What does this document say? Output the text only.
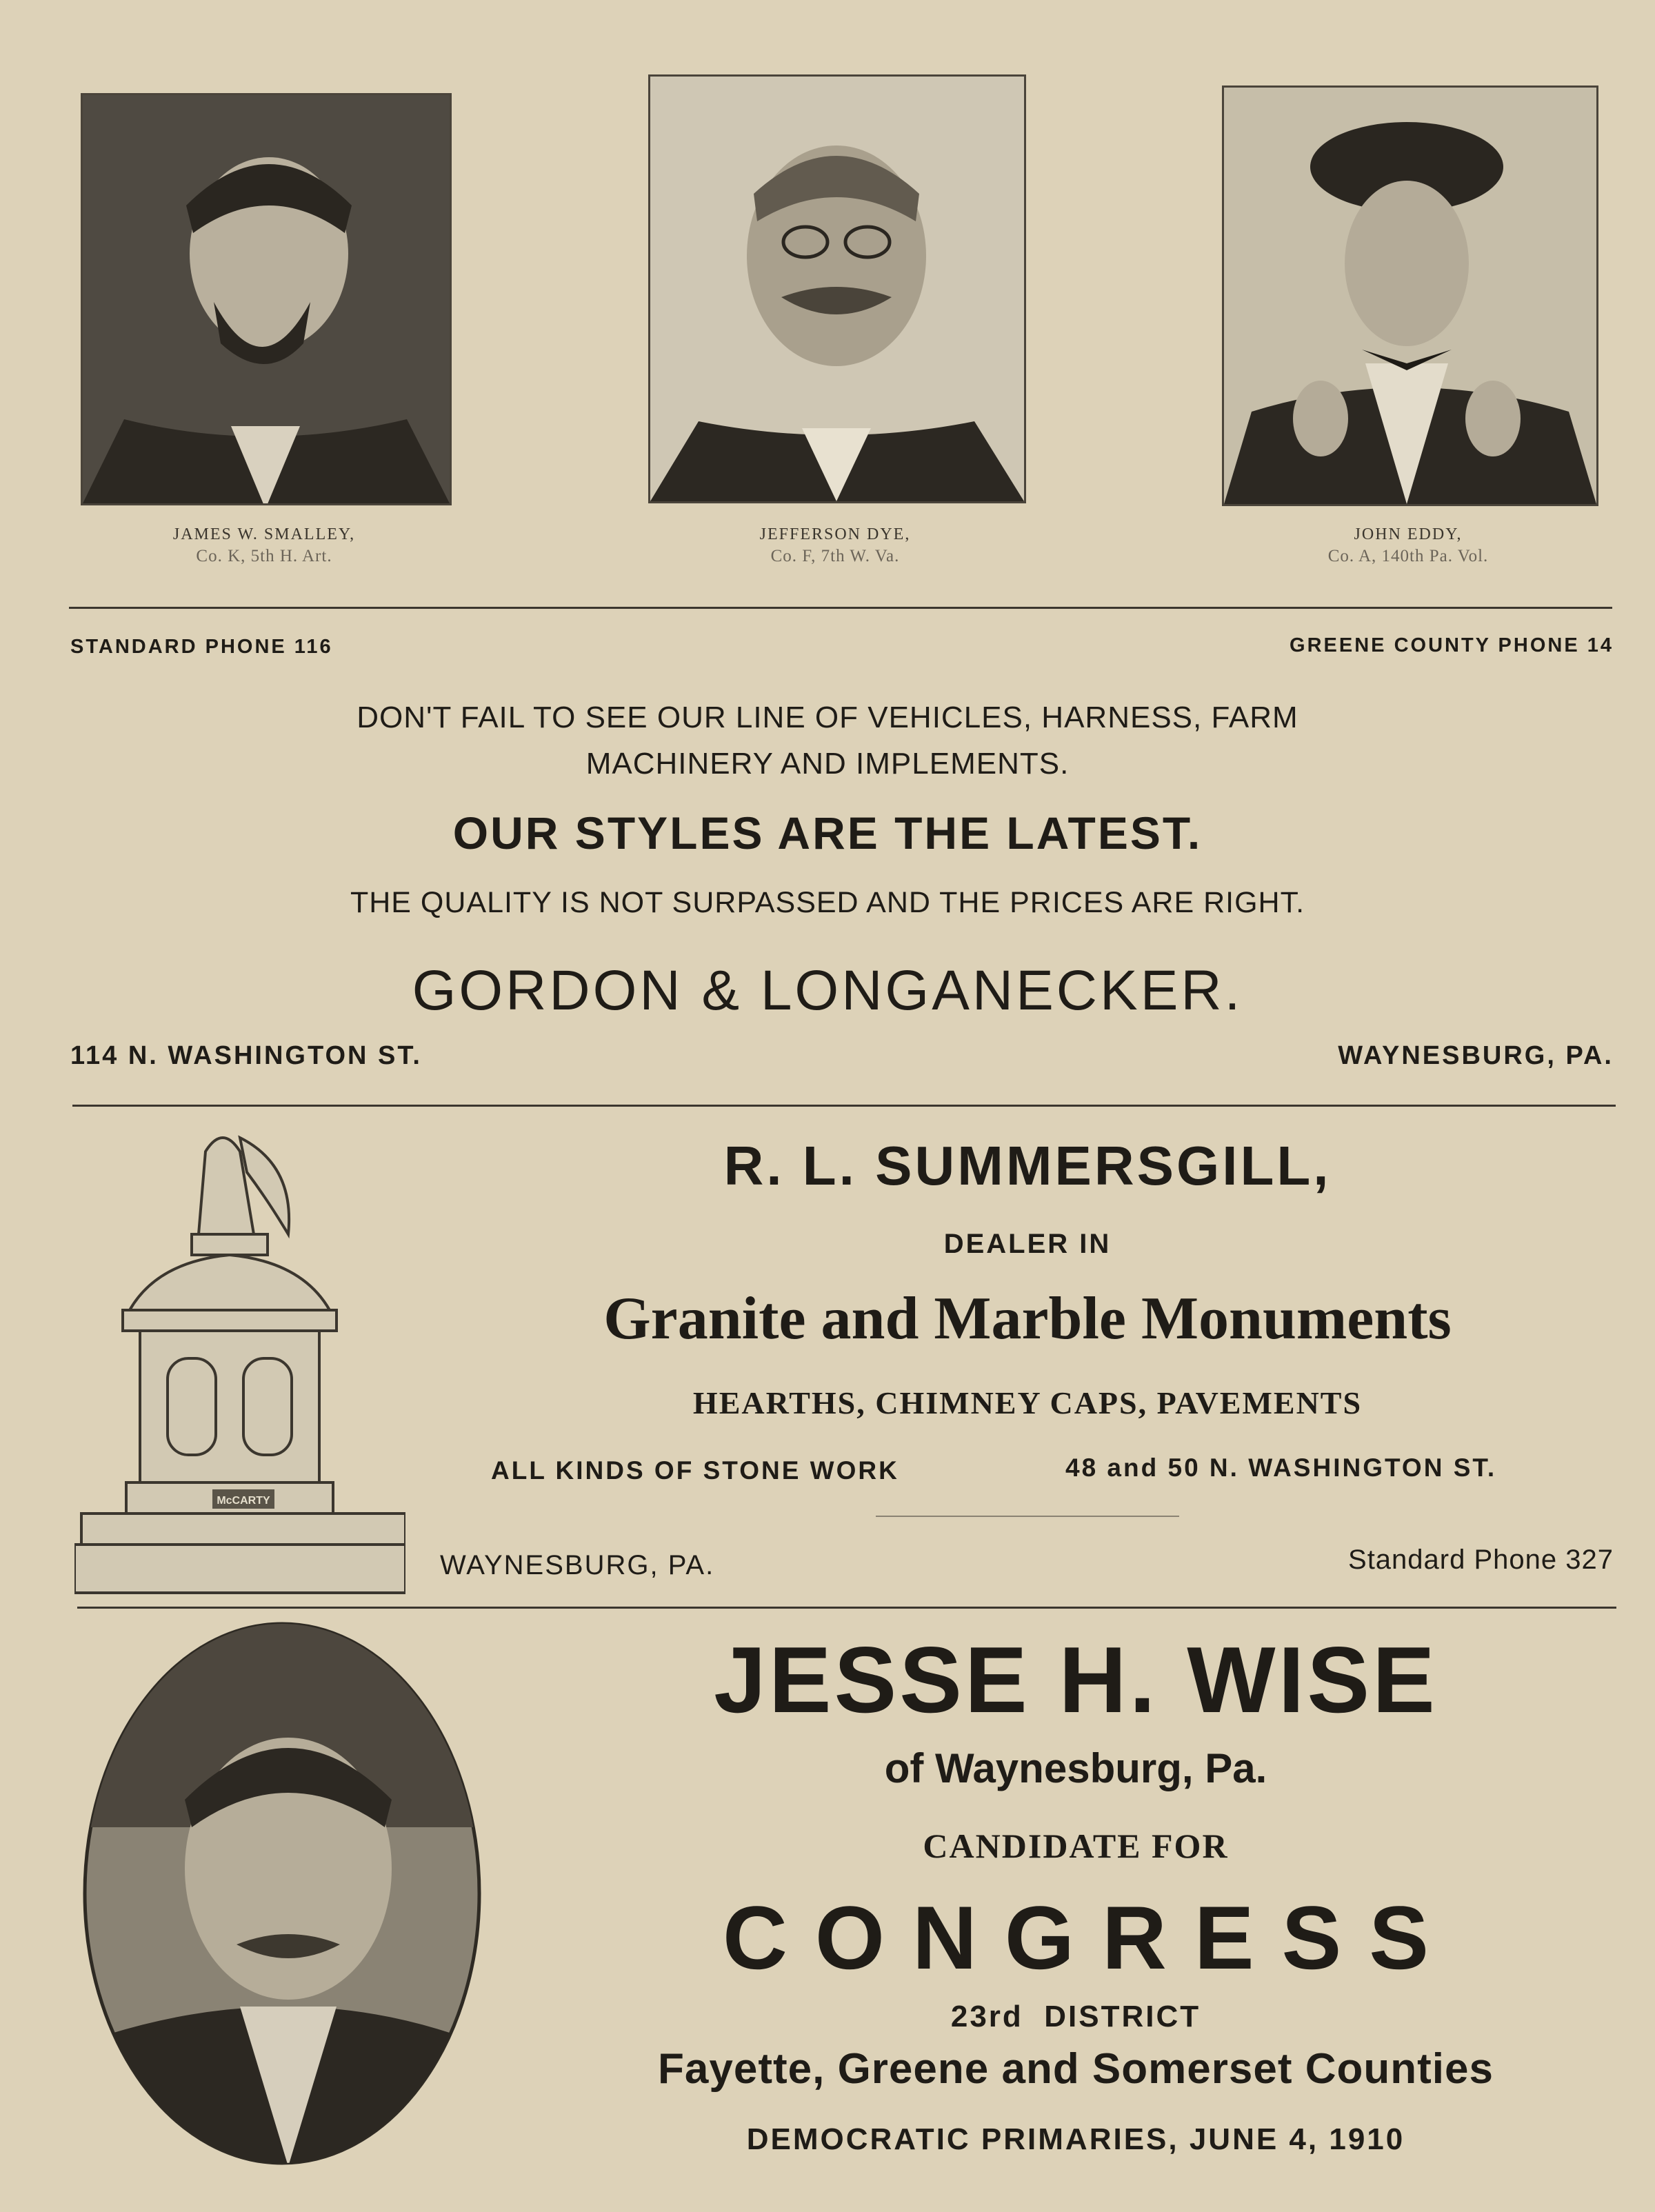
JAMES W. SMALLEY,
Co. K, 5th H. Art.
JEFFERSON DYE,
Co. F, 7th W. Va.
JOHN EDDY,
Co. A, 140th Pa. Vol.
STANDARD PHONE 116	GREENE COUNTY PHONE 14
DON'T FAIL TO SEE OUR LINE OF VEHICLES, HARNESS, FARM
MACHINERY AND IMPLEMENTS.
OUR STYLES ARE THE LATEST.
THE QUALITY IS NOT SURPASSED AND THE PRICES ARE RIGHT.
GORDON & LONGANECKER.
114 N. WASHINGTON ST.	WAYNESBURG, PA.
McCARTY
R. L. SUMMERSGILL,
DEALER IN
Granite and Marble Monuments
HEARTHS, CHIMNEY CAPS, PAVEMENTS
ALL KINDS OF STONE WORK	48 and 50 N. WASHINGTON ST.
WAYNESBURG, PA.	Standard Phone 327
JESSE H. WISE
of Waynesburg, Pa.
CANDIDATE FOR
CONGRESS
23rd  DISTRICT
Fayette, Greene and Somerset Counties
DEMOCRATIC PRIMARIES, JUNE 4, 1910
